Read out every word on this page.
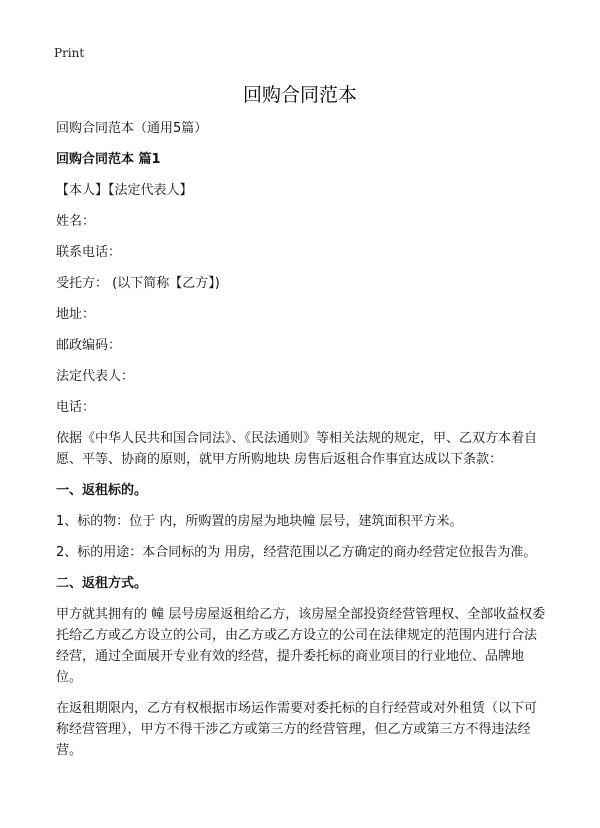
Print
回购合同范本

回购合同范本（通用5篇）

回购合同范本 篇1

【本人】【法定代表人】

姓名：

联系电话：

受托方： (以下简称【乙方】)

地址：

邮政编码：

法定代表人：

电话：

依据《中华人民共和国合同法》、《民法通则》等相关法规的规定，甲、乙双方本着自愿、平等、协商的原则，就甲方所购地块 房售后返租合作事宜达成以下条款：

一、返租标的。

1、标的物：位于 内，所购置的房屋为地块幢 层号，建筑面积平方米。

2、标的用途：本合同标的为 用房，经营范围以乙方确定的商办经营定位报告为准。

二、返租方式。

甲方就其拥有的 幢 层号房屋返租给乙方，该房屋全部投资经营管理权、全部收益权委托给乙方或乙方设立的公司，由乙方或乙方设立的公司在法律规定的范围内进行合法经营，通过全面展开专业有效的经营，提升委托标的商业项目的行业地位、品牌地位。

在返租期限内，乙方有权根据市场运作需要对委托标的自行经营或对外租赁（以下可称经营管理），甲方不得干涉乙方或第三方的经营管理，但乙方或第三方不得违法经营。
